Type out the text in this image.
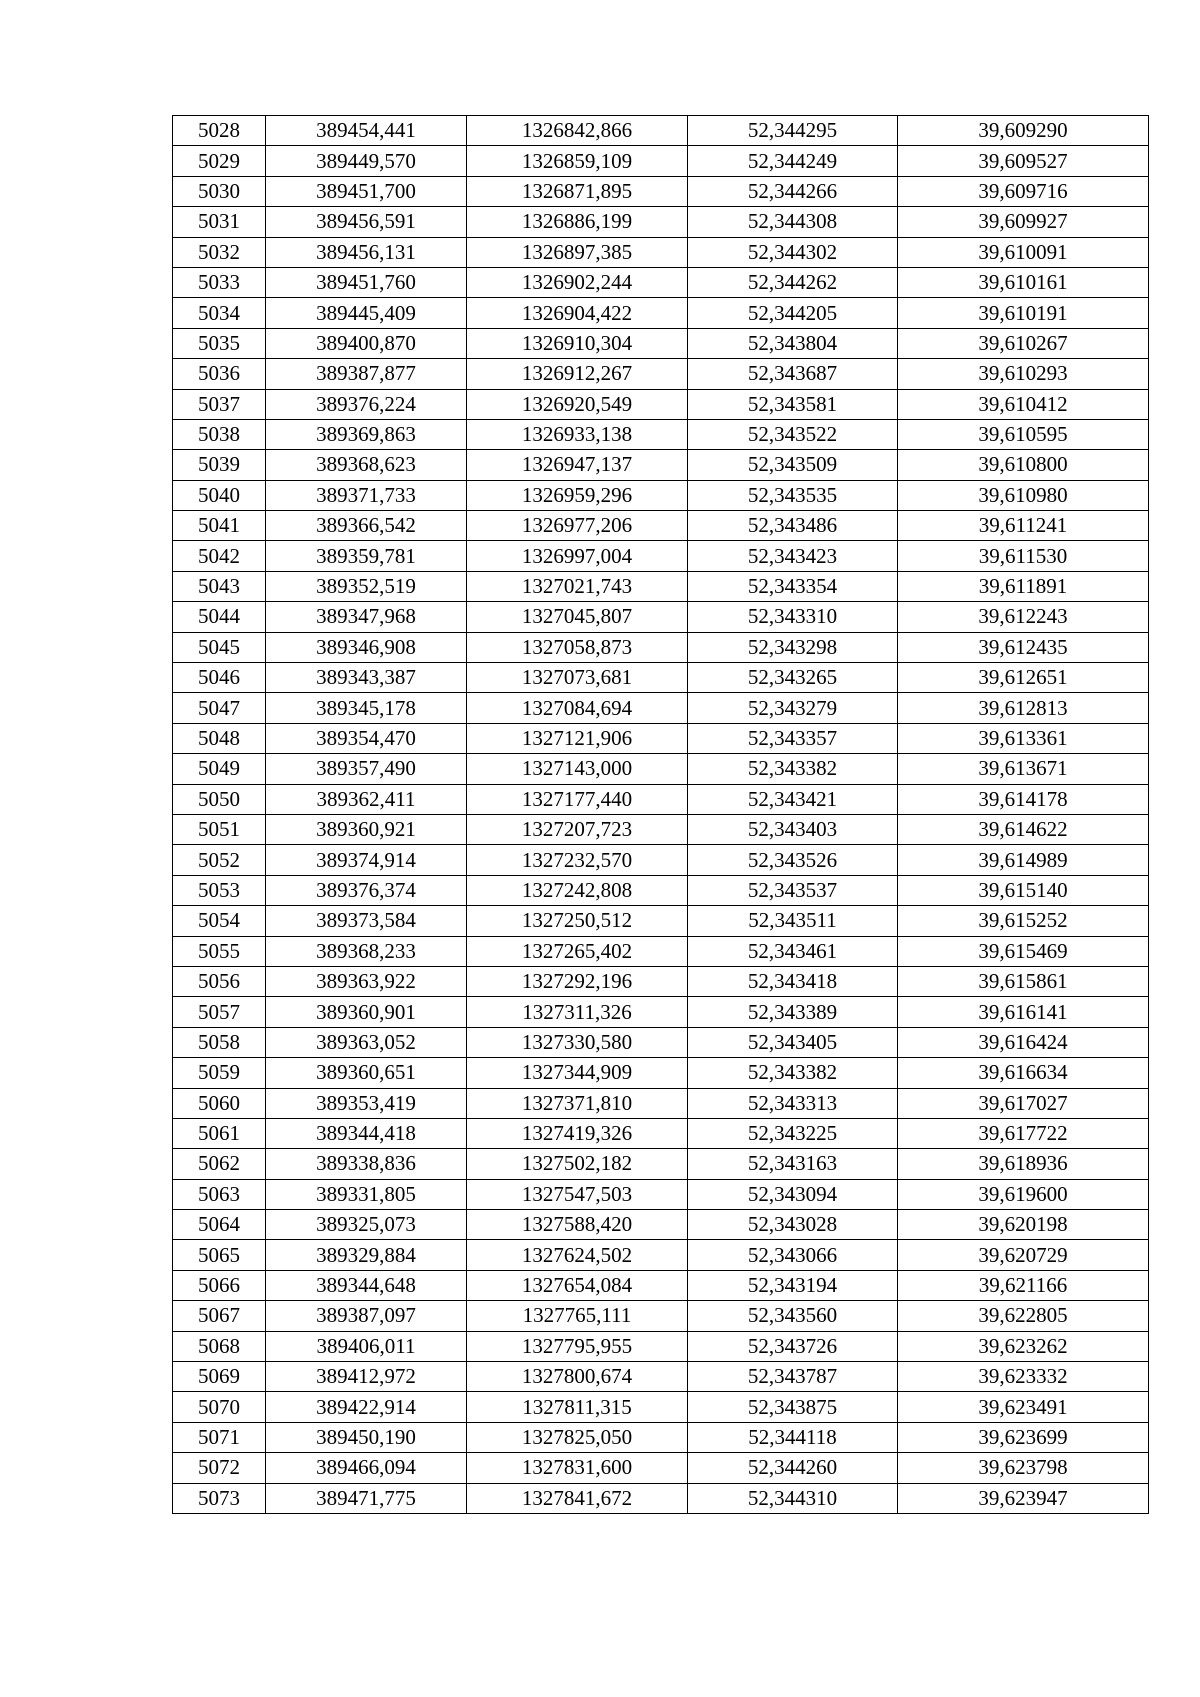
5028	389454,441	1326842,866	52,344295	39,609290
5029	389449,570	1326859,109	52,344249	39,609527
5030	389451,700	1326871,895	52,344266	39,609716
5031	389456,591	1326886,199	52,344308	39,609927
5032	389456,131	1326897,385	52,344302	39,610091
5033	389451,760	1326902,244	52,344262	39,610161
5034	389445,409	1326904,422	52,344205	39,610191
5035	389400,870	1326910,304	52,343804	39,610267
5036	389387,877	1326912,267	52,343687	39,610293
5037	389376,224	1326920,549	52,343581	39,610412
5038	389369,863	1326933,138	52,343522	39,610595
5039	389368,623	1326947,137	52,343509	39,610800
5040	389371,733	1326959,296	52,343535	39,610980
5041	389366,542	1326977,206	52,343486	39,611241
5042	389359,781	1326997,004	52,343423	39,611530
5043	389352,519	1327021,743	52,343354	39,611891
5044	389347,968	1327045,807	52,343310	39,612243
5045	389346,908	1327058,873	52,343298	39,612435
5046	389343,387	1327073,681	52,343265	39,612651
5047	389345,178	1327084,694	52,343279	39,612813
5048	389354,470	1327121,906	52,343357	39,613361
5049	389357,490	1327143,000	52,343382	39,613671
5050	389362,411	1327177,440	52,343421	39,614178
5051	389360,921	1327207,723	52,343403	39,614622
5052	389374,914	1327232,570	52,343526	39,614989
5053	389376,374	1327242,808	52,343537	39,615140
5054	389373,584	1327250,512	52,343511	39,615252
5055	389368,233	1327265,402	52,343461	39,615469
5056	389363,922	1327292,196	52,343418	39,615861
5057	389360,901	1327311,326	52,343389	39,616141
5058	389363,052	1327330,580	52,343405	39,616424
5059	389360,651	1327344,909	52,343382	39,616634
5060	389353,419	1327371,810	52,343313	39,617027
5061	389344,418	1327419,326	52,343225	39,617722
5062	389338,836	1327502,182	52,343163	39,618936
5063	389331,805	1327547,503	52,343094	39,619600
5064	389325,073	1327588,420	52,343028	39,620198
5065	389329,884	1327624,502	52,343066	39,620729
5066	389344,648	1327654,084	52,343194	39,621166
5067	389387,097	1327765,111	52,343560	39,622805
5068	389406,011	1327795,955	52,343726	39,623262
5069	389412,972	1327800,674	52,343787	39,623332
5070	389422,914	1327811,315	52,343875	39,623491
5071	389450,190	1327825,050	52,344118	39,623699
5072	389466,094	1327831,600	52,344260	39,623798
5073	389471,775	1327841,672	52,344310	39,623947
